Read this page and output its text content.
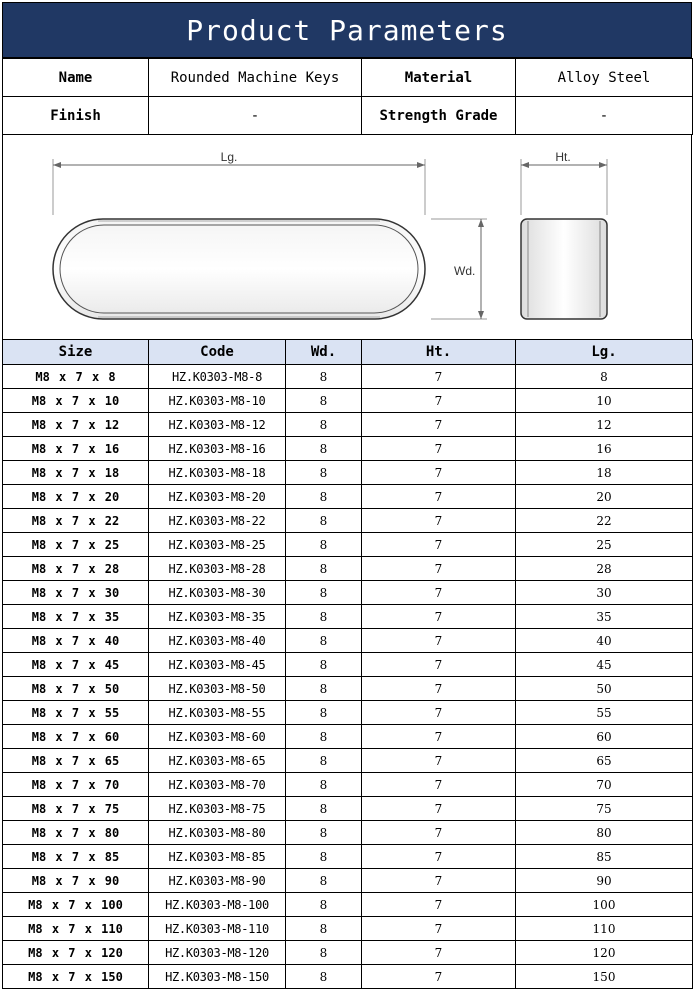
Product Parameters
Name	Rounded Machine Keys	Material	Alloy Steel
Finish	-	Strength Grade	-
Lg.
Wd.
Ht.
Size	Code	Wd.	Ht.	Lg.
M8 x 7 x 8	HZ.K0303-M8-8	8	7	8
M8 x 7 x 10	HZ.K0303-M8-10	8	7	10
M8 x 7 x 12	HZ.K0303-M8-12	8	7	12
M8 x 7 x 16	HZ.K0303-M8-16	8	7	16
M8 x 7 x 18	HZ.K0303-M8-18	8	7	18
M8 x 7 x 20	HZ.K0303-M8-20	8	7	20
M8 x 7 x 22	HZ.K0303-M8-22	8	7	22
M8 x 7 x 25	HZ.K0303-M8-25	8	7	25
M8 x 7 x 28	HZ.K0303-M8-28	8	7	28
M8 x 7 x 30	HZ.K0303-M8-30	8	7	30
M8 x 7 x 35	HZ.K0303-M8-35	8	7	35
M8 x 7 x 40	HZ.K0303-M8-40	8	7	40
M8 x 7 x 45	HZ.K0303-M8-45	8	7	45
M8 x 7 x 50	HZ.K0303-M8-50	8	7	50
M8 x 7 x 55	HZ.K0303-M8-55	8	7	55
M8 x 7 x 60	HZ.K0303-M8-60	8	7	60
M8 x 7 x 65	HZ.K0303-M8-65	8	7	65
M8 x 7 x 70	HZ.K0303-M8-70	8	7	70
M8 x 7 x 75	HZ.K0303-M8-75	8	7	75
M8 x 7 x 80	HZ.K0303-M8-80	8	7	80
M8 x 7 x 85	HZ.K0303-M8-85	8	7	85
M8 x 7 x 90	HZ.K0303-M8-90	8	7	90
M8 x 7 x 100	HZ.K0303-M8-100	8	7	100
M8 x 7 x 110	HZ.K0303-M8-110	8	7	110
M8 x 7 x 120	HZ.K0303-M8-120	8	7	120
M8 x 7 x 150	HZ.K0303-M8-150	8	7	150
